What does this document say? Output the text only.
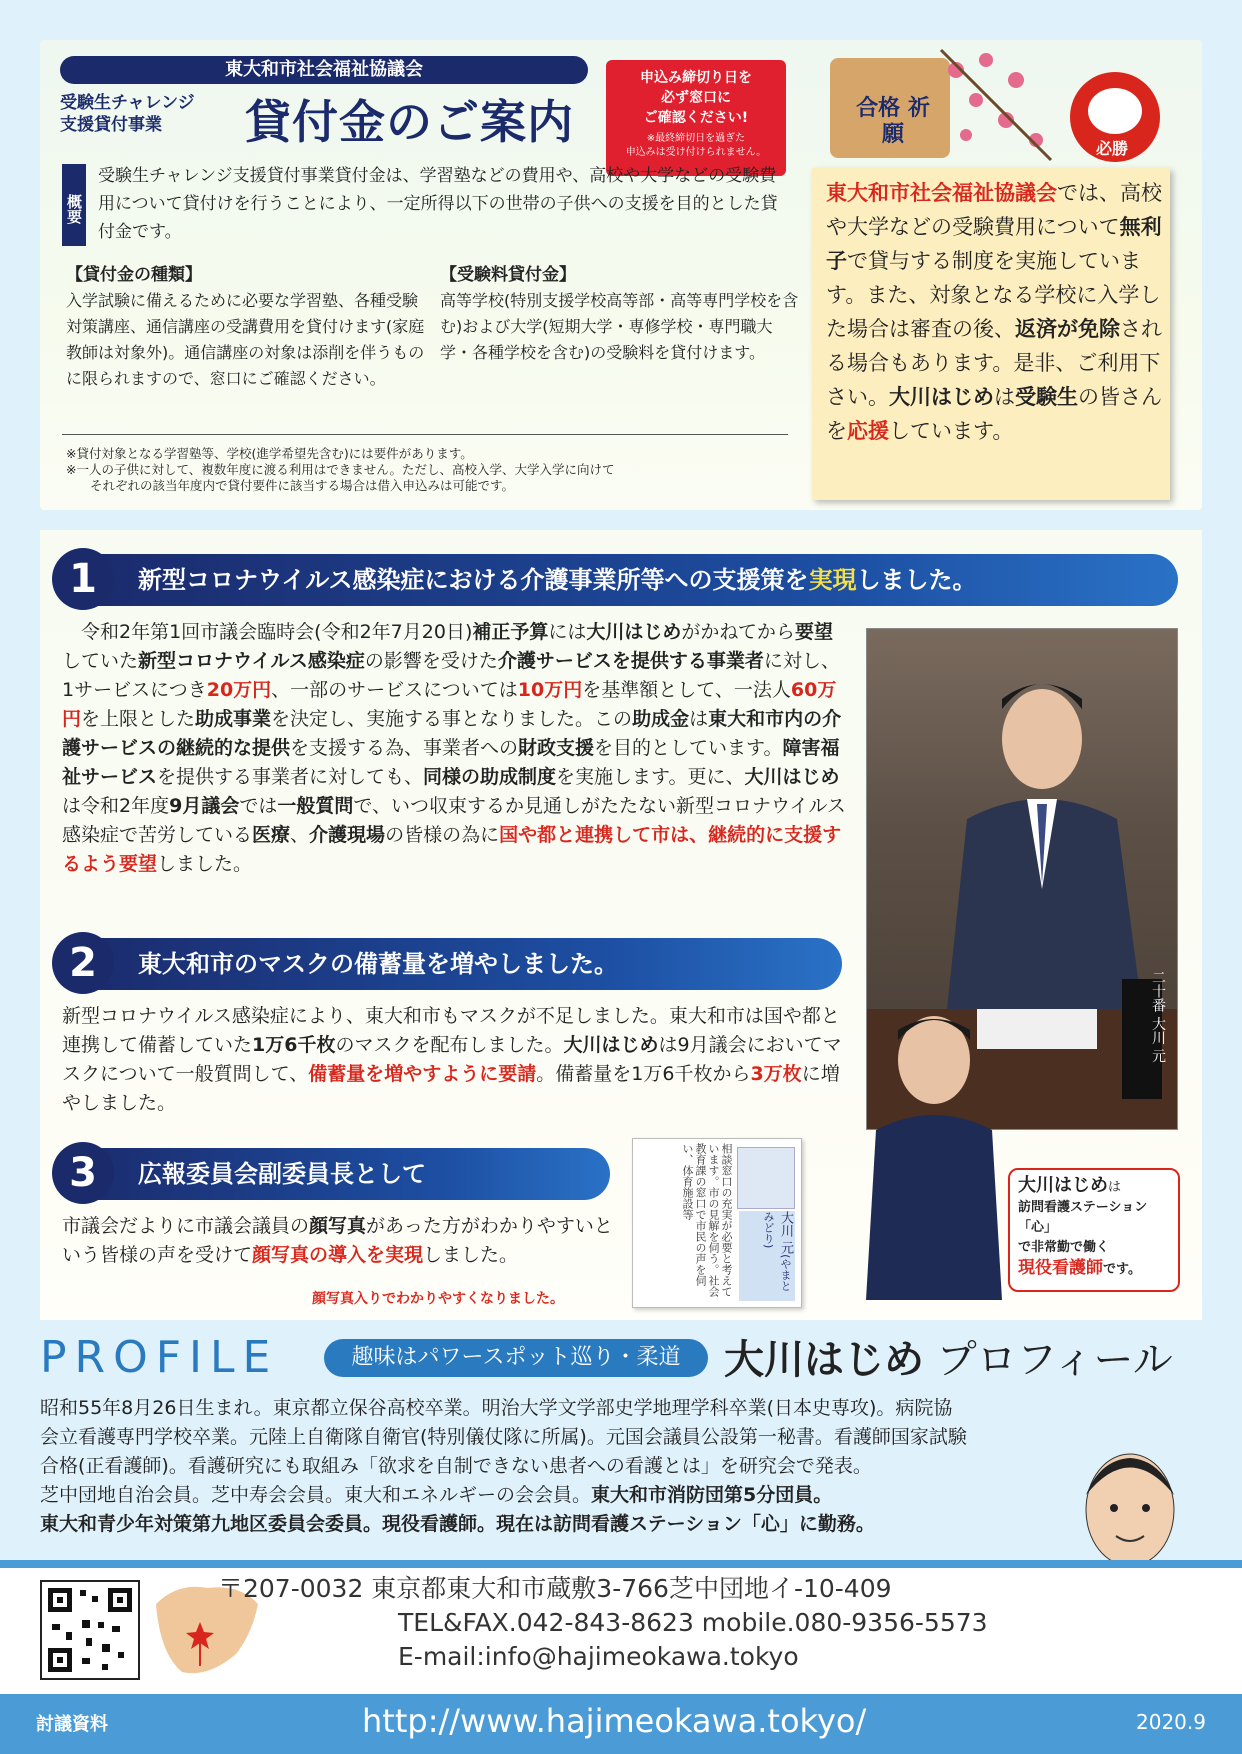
東大和市社会福祉協議会
受験生チャレンジ
支援貸付事業	貸付金のご案内
申込み締切り日を
必ず窓口に
ご確認ください!
※最終締切日を過ぎた
申込みは受け付けられません。
概要
受験生チャレンジ支援貸付事業貸付金は、学習塾などの費用や、高校や大学などの受験費用について貸付けを行うことにより、一定所得以下の世帯の子供への支援を目的とした貸付金です。
【貸付金の種類】
入学試験に備えるために必要な学習塾、各種受験対策講座、通信講座の受講費用を貸付けます(家庭教師は対象外)。通信講座の対象は添削を伴うものに限られますので、窓口にご確認ください。
【受験料貸付金】
高等学校(特別支援学校高等部・高等専門学校を含む)および大学(短期大学・専修学校・専門職大学・各種学校を含む)の受験料を貸付けます。
※貸付対象となる学習塾等、学校(進学希望先含む)には要件があります。
※一人の子供に対して、複数年度に渡る利用はできません。ただし、高校入学、大学入学に向けて
それぞれの該当年度内で貸付要件に該当する場合は借入申込みは可能です。
合格 祈願
必勝
東大和市社会福祉協議会では、高校や大学などの受験費用について無利子で貸与する制度を実施しています。また、対象となる学校に入学した場合は審査の後、返済が免除される場合もあります。是非、ご利用下さい。大川はじめは受験生の皆さんを応援しています。
新型コロナウイルス感染症における介護事業所等への支援策を実現しました。
1
令和2年第1回市議会臨時会(令和2年7月20日)補正予算には大川はじめがかねてから要望していた新型コロナウイルス感染症の影響を受けた介護サービスを提供する事業者に対し、1サービスにつき20万円、一部のサービスについては10万円を基準額として、一法人60万円を上限とした助成事業を決定し、実施する事となりました。この助成金は東大和市内の介護サービスの継続的な提供を支援する為、事業者への財政支援を目的としています。障害福祉サービスを提供する事業者に対しても、同様の助成制度を実施します。更に、大川はじめは令和2年度9月議会では一般質問で、いつ収束するか見通しがたたない新型コロナウイルス感染症で苦労している医療、介護現場の皆様の為に国や都と連携して市は、継続的に支援するよう要望しました。
二十番 大川 元
東大和市のマスクの備蓄量を増やしました。
2
新型コロナウイルス感染症により、東大和市もマスクが不足しました。東大和市は国や都と連携して備蓄していた1万6千枚のマスクを配布しました。大川はじめは9月議会においてマスクについて一般質問して、備蓄量を増やすように要請。備蓄量を1万6千枚から3万枚に増やしました。
広報委員会副委員長として
3
市議会だよりに市議会議員の顔写真があった方がわかりやすいという皆様の声を受けて顔写真の導入を実現しました。
顔写真入りでわかりやすくなりました。
大川 元(やまとみどり)
相談窓口の充実が必要と考えています。市の見解を伺う。社会教育課の窓口で市民の声を伺い、体育施設等	大川はじめは
訪問看護ステーション「心」
で非常勤で働く
現役看護師です。
PROFILE	趣味はパワースポット巡り・柔道	大川はじめ プロフィール
昭和55年8月26日生まれ。東京都立保谷高校卒業。明治大学文学部史学地理学科卒業(日本史専攻)。病院協
会立看護専門学校卒業。元陸上自衛隊自衛官(特別儀仗隊に所属)。元国会議員公設第一秘書。看護師国家試験
合格(正看護師)。看護研究にも取組み「欲求を自制できない患者への看護とは」を研究会で発表。
芝中団地自治会員。芝中寿会会員。東大和エネルギーの会会員。東大和市消防団第5分団員。
東大和青少年対策第九地区委員会委員。現役看護師。現在は訪問看護ステーション「心」に勤務。
〒207-0032 東京都東大和市蔵敷3-766芝中団地イ-10-409
TEL&FAX.042-843-8623 mobile.080-9356-5573
E-mail:info@hajimeokawa.tokyo
討議資料	http://www.hajimeokawa.tokyo/	2020.9
